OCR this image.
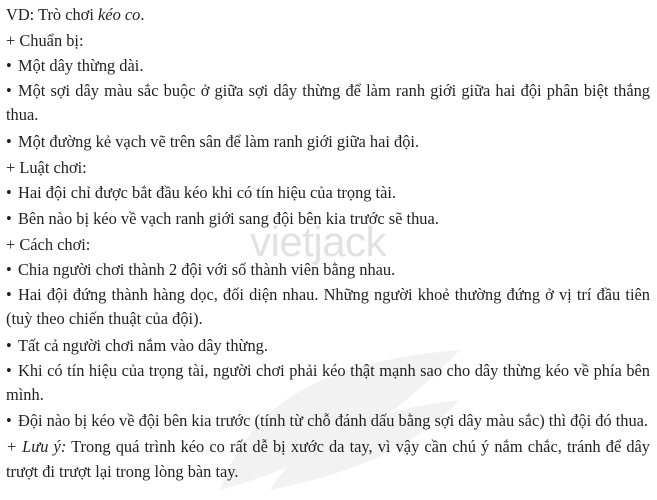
vietjack

VD: Trò chơi kéo co.

+ Chuẩn bị:

• Một dây thừng dài.

• Một sợi dây màu sắc buộc ở giữa sợi dây thừng để làm ranh giới giữa hai đội phân biệt thắng thua.

• Một đường kẻ vạch vẽ trên sân để làm ranh giới giữa hai đội.

+ Luật chơi:

• Hai đội chỉ được bắt đầu kéo khi có tín hiệu của trọng tài.

• Bên nào bị kéo về vạch ranh giới sang đội bên kia trước sẽ thua.

+ Cách chơi:

• Chia người chơi thành 2 đội với số thành viên bằng nhau.

• Hai đội đứng thành hàng dọc, đối diện nhau. Những người khoẻ thường đứng ở vị trí đầu tiên (tuỳ theo chiến thuật của đội).

• Tất cả người chơi nắm vào dây thừng.

• Khi có tín hiệu của trọng tài, người chơi phải kéo thật mạnh sao cho dây thừng kéo về phía bên mình.

• Đội nào bị kéo về đội bên kia trước (tính từ chỗ đánh dấu bằng sợi dây màu sắc) thì đội đó thua.

+ Lưu ý: Trong quá trình kéo co rất dễ bị xước da tay, vì vậy cần chú ý nắm chắc, tránh để dây trượt đi trượt lại trong lòng bàn tay.
